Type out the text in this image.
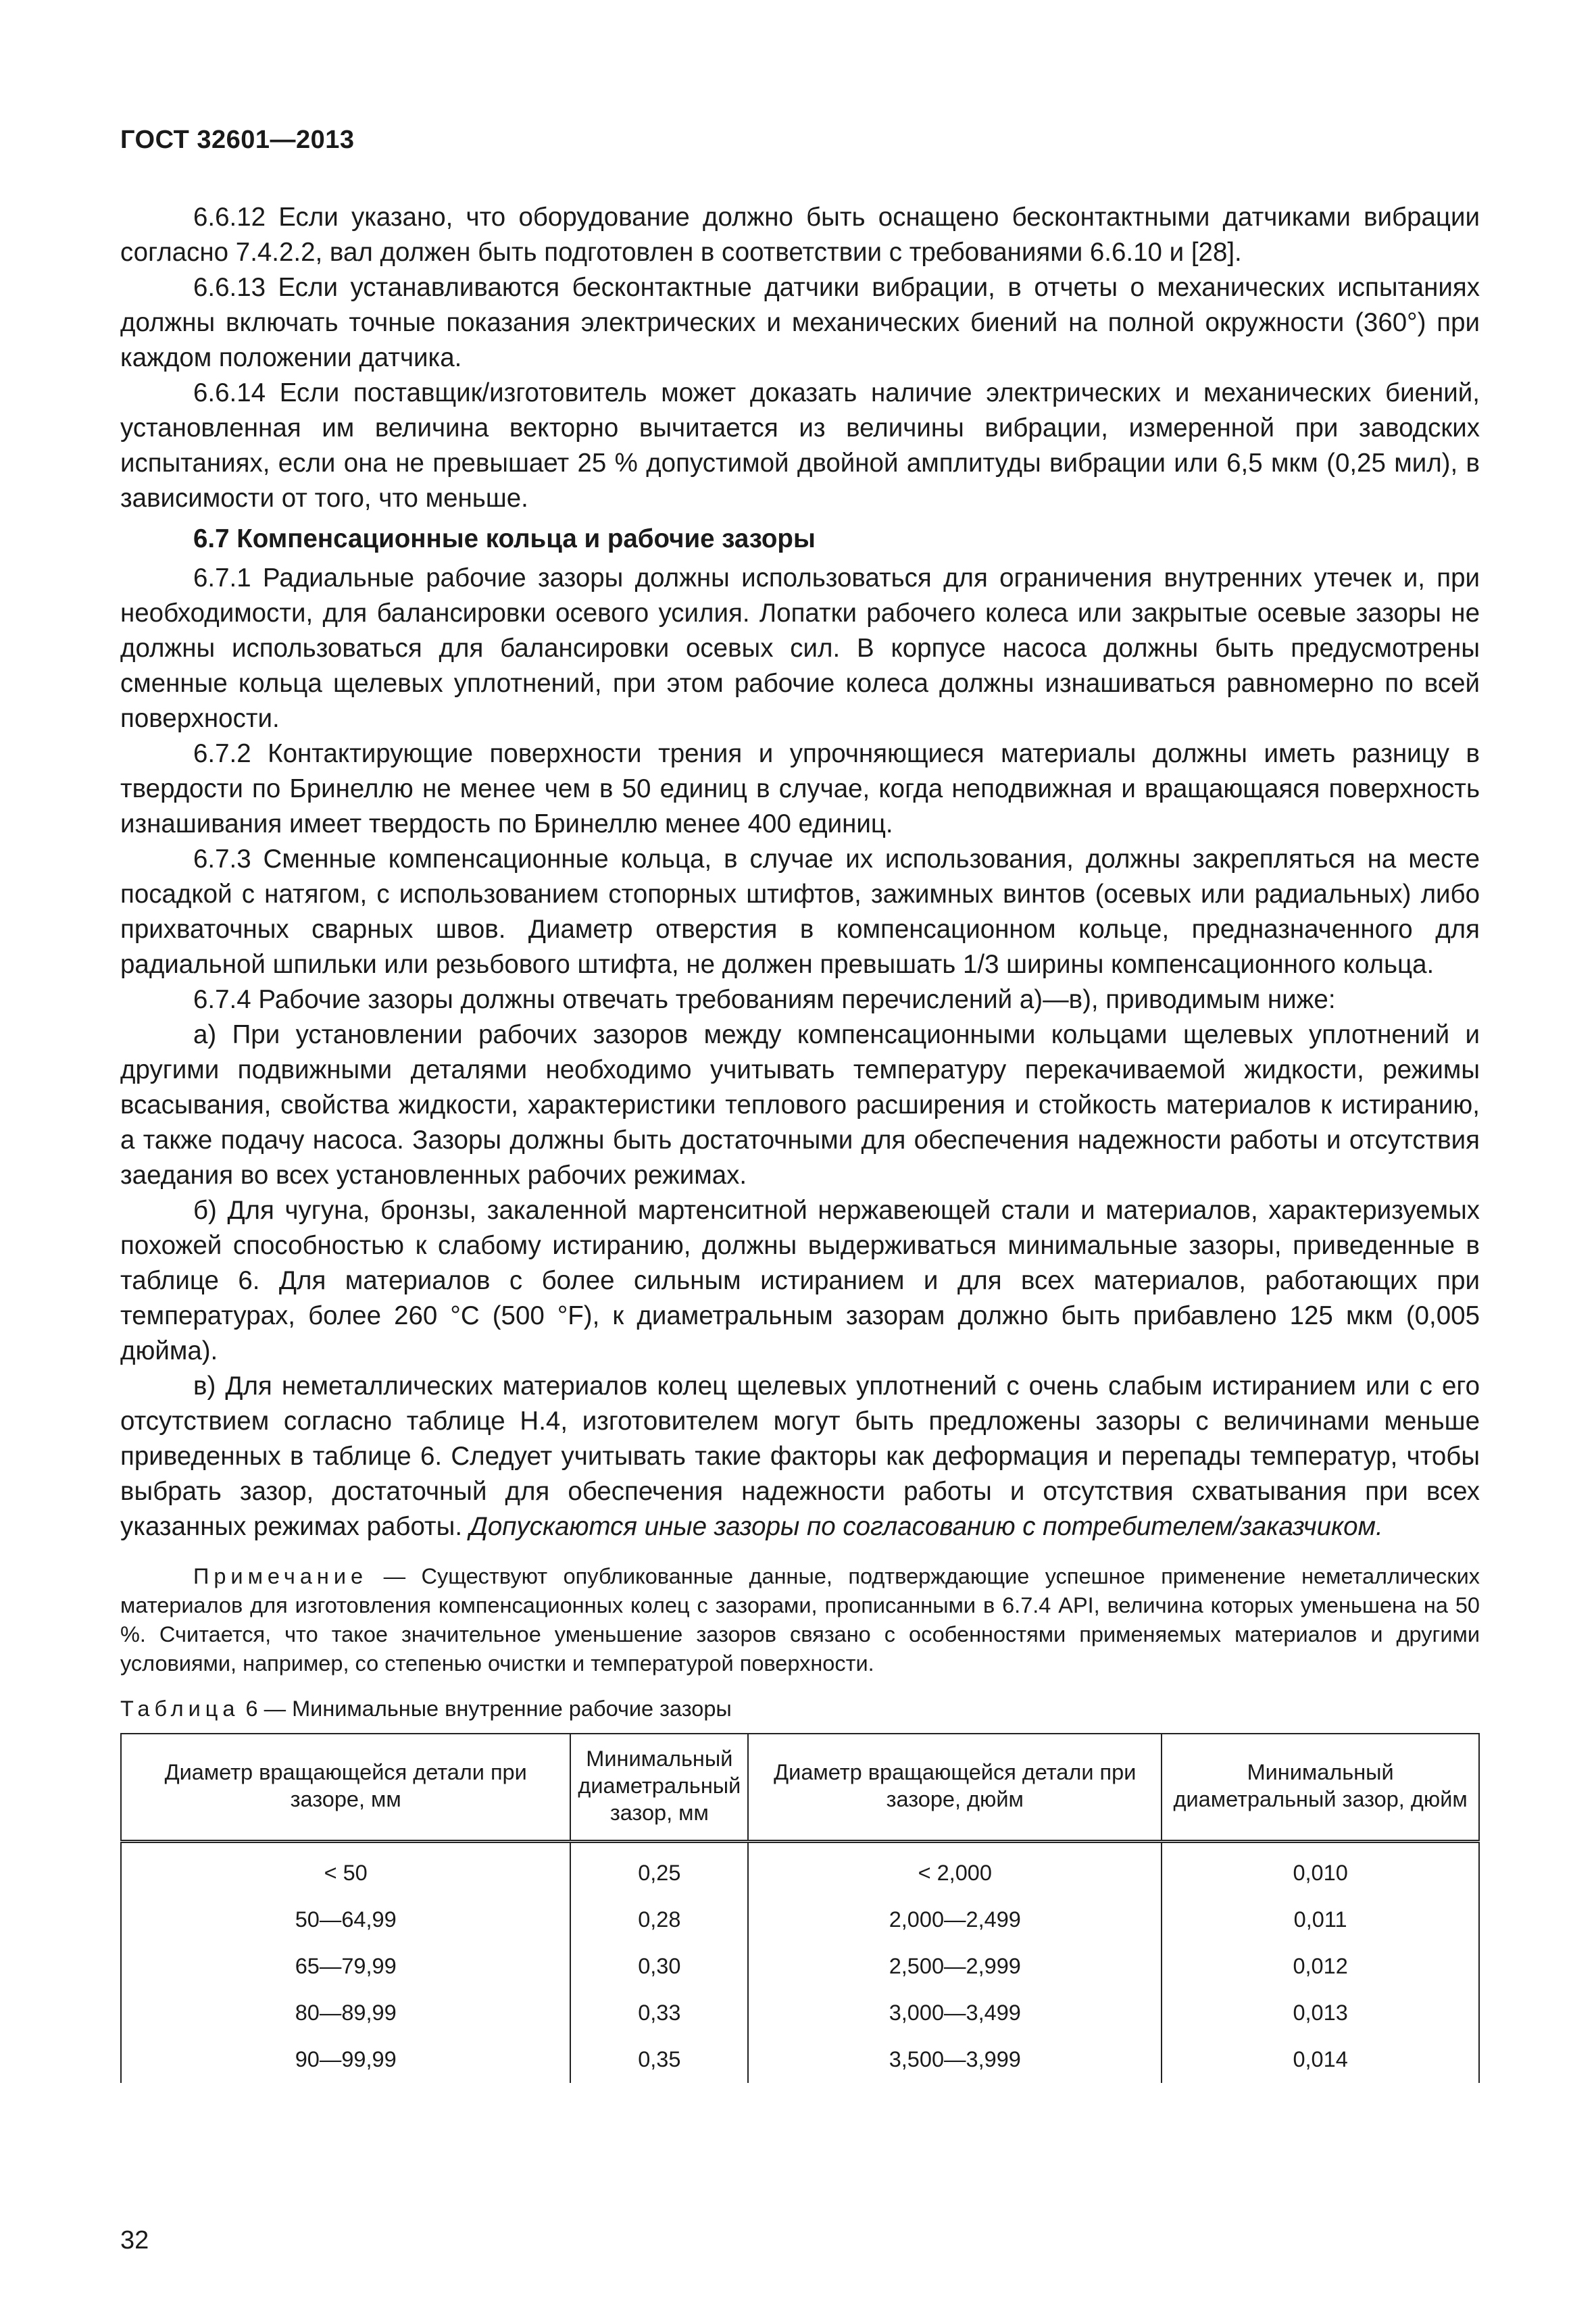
ГОСТ 32601—2013

6.6.12 Если указано, что оборудование должно быть оснащено бесконтактными датчиками вибрации согласно 7.4.2.2, вал должен быть подготовлен в соответствии с требованиями 6.6.10 и [28].

6.6.13 Если устанавливаются бесконтактные датчики вибрации, в отчеты о механических испытаниях должны включать точные показания электрических и механических биений на полной окружности (360°) при каждом положении датчика.

6.6.14 Если поставщик/изготовитель может доказать наличие электрических и механических биений, установленная им величина векторно вычитается из величины вибрации, измеренной при заводских испытаниях, если она не превышает 25 % допустимой двойной амплитуды вибрации или 6,5 мкм (0,25 мил), в зависимости от того, что меньше.

6.7 Компенсационные кольца и рабочие зазоры

6.7.1 Радиальные рабочие зазоры должны использоваться для ограничения внутренних утечек и, при необходимости, для балансировки осевого усилия. Лопатки рабочего колеса или закрытые осевые зазоры не должны использоваться для балансировки осевых сил. В корпусе насоса должны быть предусмотрены сменные кольца щелевых уплотнений, при этом рабочие колеса должны изнашиваться равномерно по всей поверхности.

6.7.2 Контактирующие поверхности трения и упрочняющиеся материалы должны иметь разницу в твердости по Бринеллю не менее чем в 50 единиц в случае, когда неподвижная и вращающаяся поверхность изнашивания имеет твердость по Бринеллю менее 400 единиц.

6.7.3 Сменные компенсационные кольца, в случае их использования, должны закрепляться на месте посадкой с натягом, с использованием стопорных штифтов, зажимных винтов (осевых или радиальных) либо прихваточных сварных швов. Диаметр отверстия в компенсационном кольце, предназначенного для радиальной шпильки или резьбового штифта, не должен превышать 1/3 ширины компенсационного кольца.

6.7.4 Рабочие зазоры должны отвечать требованиям перечислений а)—в), приводимым ниже:

а) При установлении рабочих зазоров между компенсационными кольцами щелевых уплотнений и другими подвижными деталями необходимо учитывать температуру перекачиваемой жидкости, режимы всасывания, свойства жидкости, характеристики теплового расширения и стойкость материалов к истиранию, а также подачу насоса. Зазоры должны быть достаточными для обеспечения надежности работы и отсутствия заедания во всех установленных рабочих режимах.

б) Для чугуна, бронзы, закаленной мартенситной нержавеющей стали и материалов, характеризуемых похожей способностью к слабому истиранию, должны выдерживаться минимальные зазоры, приведенные в таблице 6. Для материалов с более сильным истиранием и для всех материалов, работающих при температурах, более 260 °С (500 °F), к диаметральным зазорам должно быть прибавлено 125 мкм (0,005 дюйма).

в) Для неметаллических материалов колец щелевых уплотнений с очень слабым истиранием или с его отсутствием согласно таблице Н.4, изготовителем могут быть предложены зазоры с величинами меньше приведенных в таблице 6. Следует учитывать такие факторы как деформация и перепады температур, чтобы выбрать зазор, достаточный для обеспечения надежности работы и отсутствия схватывания при всех указанных режимах работы. Допускаются иные зазоры по согласованию с потребителем/заказчиком.

Примечание — Существуют опубликованные данные, подтверждающие успешное применение неметаллических материалов для изготовления компенсационных колец с зазорами, прописанными в 6.7.4 API, величина которых уменьшена на 50 %. Считается, что такое значительное уменьшение зазоров связано с особенностями применяемых материалов и другими условиями, например, со степенью очистки и температурой поверхности.

Таблица 6 — Минимальные внутренние рабочие зазоры

Диаметр вращающейся детали при зазоре, мм	Минимальный диаметральный зазор, мм	Диаметр вращающейся детали при зазоре, дюйм	Минимальный диаметральный зазор, дюйм
< 50	0,25	< 2,000	0,010
50—64,99	0,28	2,000—2,499	0,011
65—79,99	0,30	2,500—2,999	0,012
80—89,99	0,33	3,000—3,499	0,013
90—99,99	0,35	3,500—3,999	0,014
32
